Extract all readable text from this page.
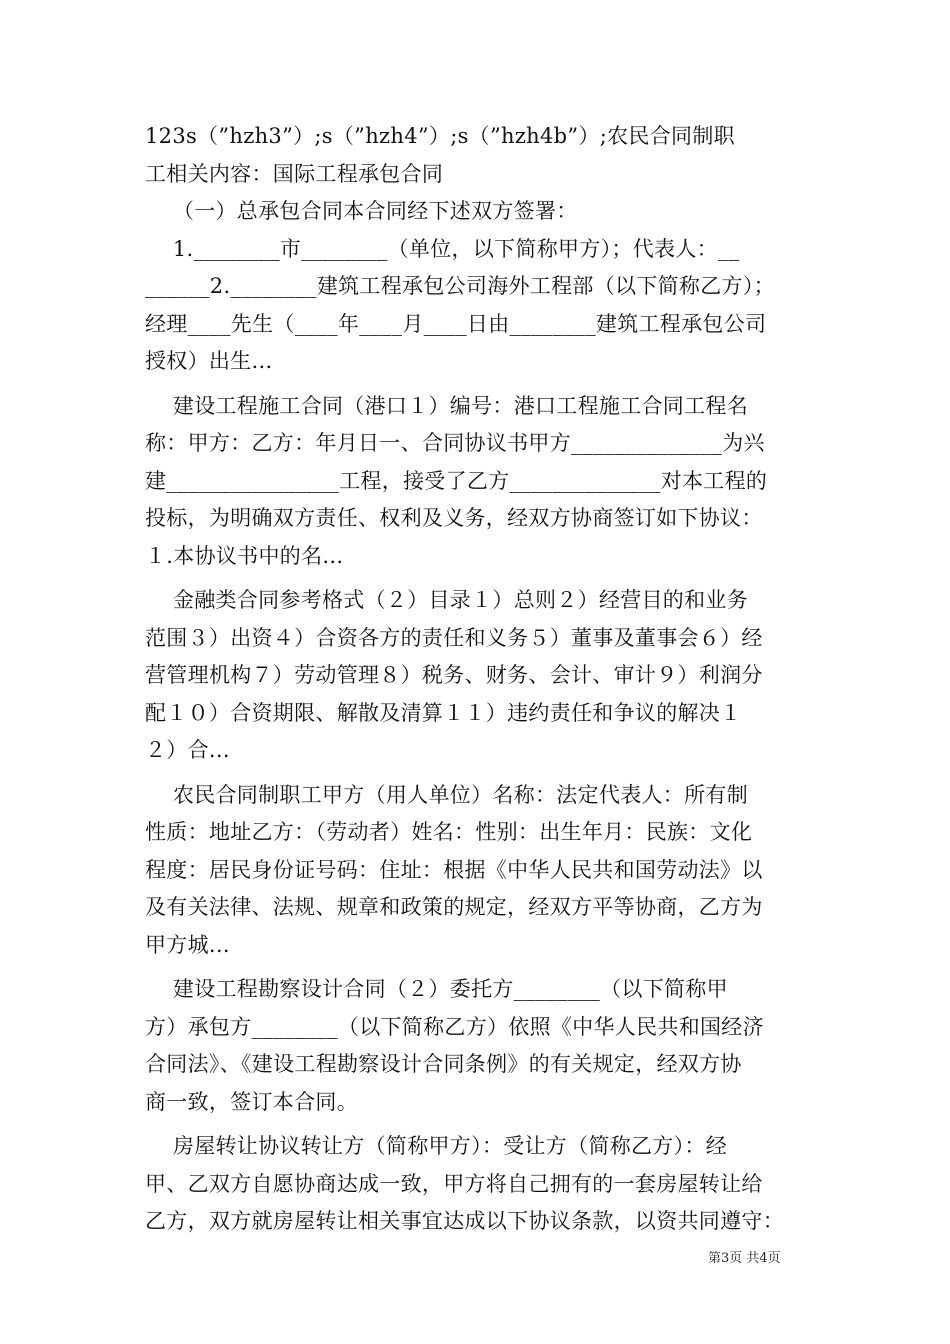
123s（”hzh3”）;s（”hzh4”）;s（”hzh4b”）;农民合同制职
工相关内容：国际工程承包合同
（一）总承包合同本合同经下述双方签署：
1.________市________（单位，以下简称甲方）；代表人：__
______2.________建筑工程承包公司海外工程部（以下简称乙方）；
经理____先生（____年____月____日由________建筑工程承包公司
授权）出生...
建设工程施工合同（港口１）编号：港口工程施工合同工程名
称：甲方：乙方：年月日一、合同协议书甲方______________为兴
建________________工程，接受了乙方______________对本工程的
投标，为明确双方责任、权利及义务，经双方协商签订如下协议：
１.本协议书中的名...
金融类合同参考格式（２）目录１）总则２）经营目的和业务
范围３）出资４）合资各方的责任和义务５）董事及董事会６）经
营管理机构７）劳动管理８）税务、财务、会计、审计９）利润分
配１０）合资期限、解散及清算１１）违约责任和争议的解决１
２）合...
农民合同制职工甲方（用人单位）名称：法定代表人：所有制
性质：地址乙方：（劳动者）姓名：性别：出生年月：民族：文化
程度：居民身份证号码：住址：根据《中华人民共和国劳动法》以
及有关法律、法规、规章和政策的规定，经双方平等协商，乙方为
甲方城...
建设工程勘察设计合同（２）委托方________（以下简称甲
方）承包方________（以下简称乙方）依照《中华人民共和国经济
合同法》、《建设工程勘察设计合同条例》的有关规定，经双方协
商一致，签订本合同。
房屋转让协议转让方（简称甲方）：受让方（简称乙方）：经
甲、乙双方自愿协商达成一致，甲方将自己拥有的一套房屋转让给
乙方，双方就房屋转让相关事宜达成以下协议条款，以资共同遵守：
第3页 共4页
